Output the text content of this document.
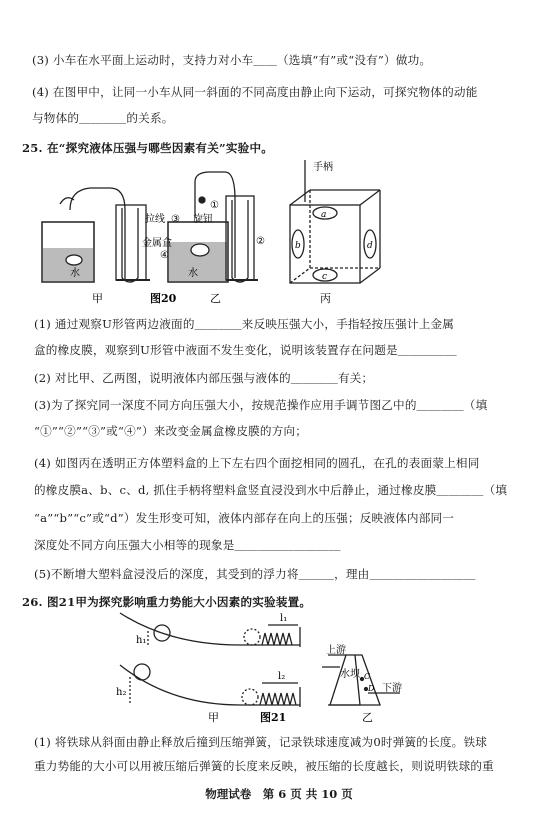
(3) 小车在水平面上运动时，支持力对小车＿＿（选填“有”或“没有”）做功。
(4) 在图甲中，让同一小车从同一斜面的不同高度由静止向下运动，可探究物体的动能
与物体的＿＿＿＿的关系。
25. 在“探究液体压强与哪些因素有关”实验中。
手柄
拉线 ③ 旋钮
①
金属盒
④
②
水	水
a
b	d
c
甲	图20	乙	丙
(1) 通过观察U形管两边液面的＿＿＿＿来反映压强大小，手指轻按压强计上金属
盒的橡皮膜，观察到U形管中液面不发生变化，说明该装置存在问题是＿＿＿＿＿
(2) 对比甲、乙两图，说明液体内部压强与液体的＿＿＿＿有关；
(3)为了探究同一深度不同方向压强大小，按规范操作应用手调节图乙中的＿＿＿＿（填
“①”“②”“③”或“④”）来改变金属盒橡皮膜的方向；
(4) 如图丙在透明正方体塑料盒的上下左右四个面挖相同的圆孔，在孔的表面蒙上相同
的橡皮膜a、b、c、d, 抓住手柄将塑料盒竖直浸没到水中后静止，通过橡皮膜＿＿＿＿（填
“a”“b”“c”或“d”）发生形变可知，液体内部存在向上的压强；反映液体内部同一
深度处不同方向压强大小相等的现象是＿＿＿＿＿＿＿＿＿
(5)不断增大塑料盒浸没后的深度，其受到的浮力将＿＿＿，理由＿＿＿＿＿＿＿＿＿
26. 图21甲为探究影响重力势能大小因素的实验装置。
h₁
l₁
h₂
l₂
上游
水坝 C
D 下游
甲	图21	乙
(1) 将铁球从斜面由静止释放后撞到压缩弹簧，记录铁球速度减为0时弹簧的长度。铁球
重力势能的大小可以用被压缩后弹簧的长度来反映，被压缩的长度越长，则说明铁球的重
物理试卷　第 6 页 共 10 页
